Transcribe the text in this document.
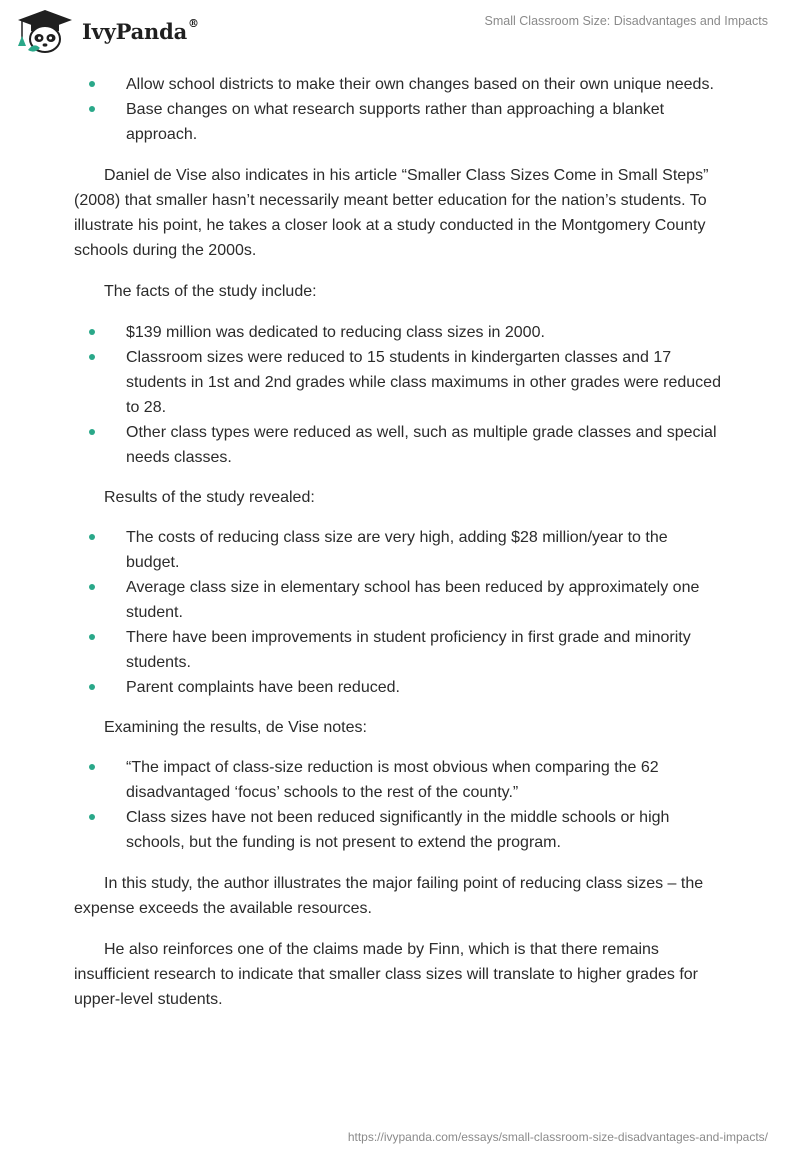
IvyPanda®	Small Classroom Size: Disadvantages and Impacts
Allow school districts to make their own changes based on their own unique needs.
Base changes on what research supports rather than approaching a blanket approach.

Daniel de Vise also indicates in his article “Smaller Class Sizes Come in Small Steps” (2008) that smaller hasn’t necessarily meant better education for the nation’s students. To illustrate his point, he takes a closer look at a study conducted in the Montgomery County schools during the 2000s.

The facts of the study include:

$139 million was dedicated to reducing class sizes in 2000.
Classroom sizes were reduced to 15 students in kindergarten classes and 17 students in 1st and 2nd grades while class maximums in other grades were reduced to 28.
Other class types were reduced as well, such as multiple grade classes and special needs classes.

Results of the study revealed:

The costs of reducing class size are very high, adding $28 million/year to the budget.
Average class size in elementary school has been reduced by approximately one student.
There have been improvements in student proficiency in first grade and minority students.
Parent complaints have been reduced.

Examining the results, de Vise notes:

“The impact of class-size reduction is most obvious when comparing the 62 disadvantaged ‘focus’ schools to the rest of the county.”
Class sizes have not been reduced significantly in the middle schools or high schools, but the funding is not present to extend the program.

In this study, the author illustrates the major failing point of reducing class sizes – the expense exceeds the available resources.

He also reinforces one of the claims made by Finn, which is that there remains insufficient research to indicate that smaller class sizes will translate to higher grades for upper-level students.

https://ivypanda.com/essays/small-classroom-size-disadvantages-and-impacts/
